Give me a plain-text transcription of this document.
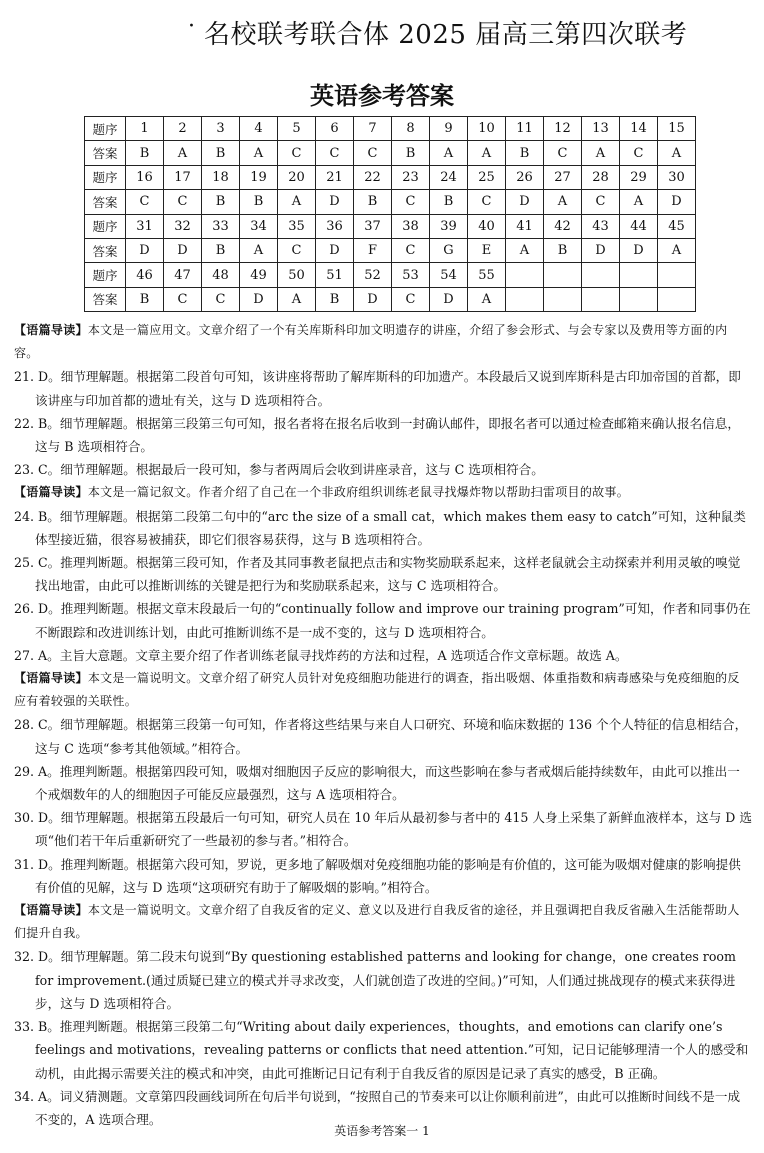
· 名校联考联合体 2025 届高三第四次联考
英语参考答案
题序	1	2	3	4	5	6	7	8	9	10	11	12	13	14	15
答案	B	A	B	A	C	C	C	B	A	A	B	C	A	C	A
题序	16	17	18	19	20	21	22	23	24	25	26	27	28	29	30
答案	C	C	B	B	A	D	B	C	B	C	D	A	C	A	D
题序	31	32	33	34	35	36	37	38	39	40	41	42	43	44	45
答案	D	D	B	A	C	D	F	C	G	E	A	B	D	D	A
题序	46	47	48	49	50	51	52	53	54	55					
答案	B	C	C	D	A	B	D	C	D	A					

【语篇导读】本文是一篇应用文。文章介绍了一个有关库斯科印加文明遗存的讲座，介绍了参会形式、与会专家以及费用等方面的内容。

21. D。细节理解题。根据第二段首句可知，该讲座将帮助了解库斯科的印加遗产。本段最后又说到库斯科是古印加帝国的首都，即该讲座与印加首都的遗址有关，这与 D 选项相符合。

22. B。细节理解题。根据第三段第三句可知，报名者将在报名后收到一封确认邮件，即报名者可以通过检查邮箱来确认报名信息，这与 B 选项相符合。

23. C。细节理解题。根据最后一段可知，参与者两周后会收到讲座录音，这与 C 选项相符合。

【语篇导读】本文是一篇记叙文。作者介绍了自己在一个非政府组织训练老鼠寻找爆炸物以帮助扫雷项目的故事。

24. B。细节理解题。根据第二段第二句中的“arc the size of a small cat，which makes them easy to catch”可知，这种鼠类体型接近猫，很容易被捕获，即它们很容易获得，这与 B 选项相符合。

25. C。推理判断题。根据第三段可知，作者及其同事教老鼠把点击和实物奖励联系起来，这样老鼠就会主动探索并利用灵敏的嗅觉找出地雷，由此可以推断训练的关键是把行为和奖励联系起来，这与 C 选项相符合。

26. D。推理判断题。根据文章末段最后一句的“continually follow and improve our training program”可知，作者和同事仍在不断跟踪和改进训练计划，由此可推断训练不是一成不变的，这与 D 选项相符合。

27. A。主旨大意题。文章主要介绍了作者训练老鼠寻找炸药的方法和过程，A 选项适合作文章标题。故选 A。

【语篇导读】本文是一篇说明文。文章介绍了研究人员针对免疫细胞功能进行的调查，指出吸烟、体重指数和病毒感染与免疫细胞的反应有着较强的关联性。

28. C。细节理解题。根据第三段第一句可知，作者将这些结果与来自人口研究、环境和临床数据的 136 个个人特征的信息相结合，这与 C 选项“参考其他领域。”相符合。

29. A。推理判断题。根据第四段可知，吸烟对细胞因子反应的影响很大，而这些影响在参与者戒烟后能持续数年，由此可以推出一个戒烟数年的人的细胞因子可能反应最强烈，这与 A 选项相符合。

30. D。细节理解题。根据第五段最后一句可知，研究人员在 10 年后从最初参与者中的 415 人身上采集了新鲜血液样本，这与 D 选项“他们若干年后重新研究了一些最初的参与者。”相符合。

31. D。推理判断题。根据第六段可知，罗说，更多地了解吸烟对免疫细胞功能的影响是有价值的，这可能为吸烟对健康的影响提供有价值的见解，这与 D 选项“这项研究有助于了解吸烟的影响。”相符合。

【语篇导读】本文是一篇说明文。文章介绍了自我反省的定义、意义以及进行自我反省的途径，并且强调把自我反省融入生活能帮助人们提升自我。

32. D。细节理解题。第二段末句说到“By questioning established patterns and looking for change，one creates room for improvement.(通过质疑已建立的模式并寻求改变，人们就创造了改进的空间。)”可知，人们通过挑战现存的模式来获得进步，这与 D 选项相符合。

33. B。推理判断题。根据第三段第二句“Writing about daily experiences，thoughts，and emotions can clarify one’s feelings and motivations，revealing patterns or conflicts that need attention.”可知，记日记能够理清一个人的感受和动机，由此揭示需要关注的模式和冲突，由此可推断记日记有利于自我反省的原因是记录了真实的感受，B 正确。

34. A。词义猜测题。文章第四段画线词所在句后半句说到，“按照自己的节奏来可以让你顺利前进”，由此可以推断时间线不是一成不变的，A 选项合理。

英语参考答案一 1
